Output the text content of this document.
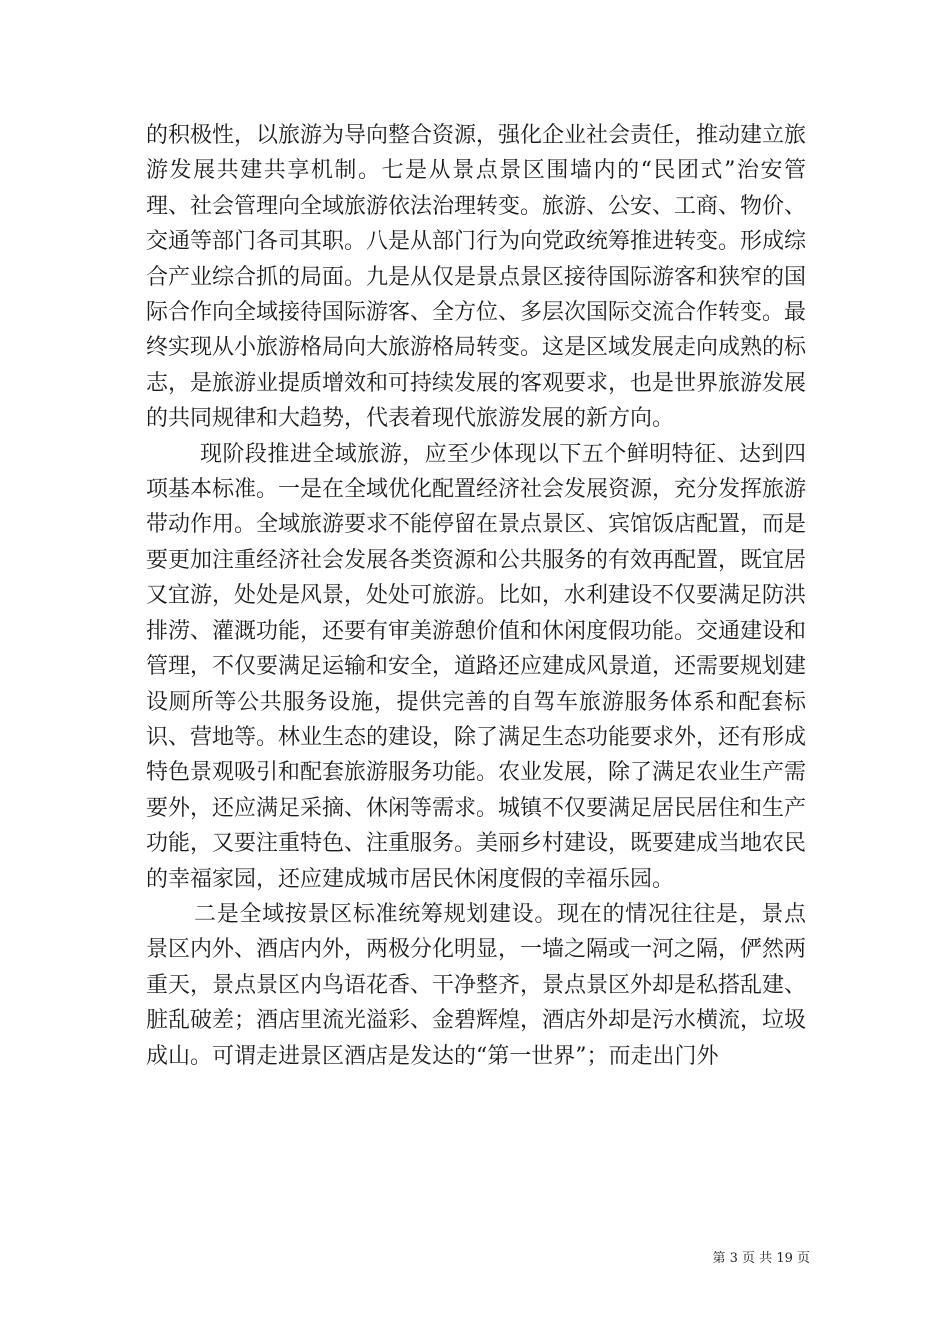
的积极性，以旅游为导向整合资源，强化企业社会责任，推动建立旅游发展共建共享机制。七是从景点景区围墙内的“民团式”治安管理、社会管理向全域旅游依法治理转变。旅游、公安、工商、物价、交通等部门各司其职。八是从部门行为向党政统筹推进转变。形成综合产业综合抓的局面。九是从仅是景点景区接待国际游客和狭窄的国际合作向全域接待国际游客、全方位、多层次国际交流合作转变。最终实现从小旅游格局向大旅游格局转变。这是区域发展走向成熟的标志，是旅游业提质增效和可持续发展的客观要求，也是世界旅游发展的共同规律和大趋势，代表着现代旅游发展的新方向。

现阶段推进全域旅游，应至少体现以下五个鲜明特征、达到四项基本标准。一是在全域优化配置经济社会发展资源，充分发挥旅游带动作用。全域旅游要求不能停留在景点景区、宾馆饭店配置，而是要更加注重经济社会发展各类资源和公共服务的有效再配置，既宜居又宜游，处处是风景，处处可旅游。比如，水利建设不仅要满足防洪排涝、灌溉功能，还要有审美游憩价值和休闲度假功能。交通建设和管理，不仅要满足运输和安全，道路还应建成风景道，还需要规划建设厕所等公共服务设施，提供完善的自驾车旅游服务体系和配套标识、营地等。林业生态的建设，除了满足生态功能要求外，还有形成特色景观吸引和配套旅游服务功能。农业发展，除了满足农业生产需要外，还应满足采摘、休闲等需求。城镇不仅要满足居民居住和生产功能，又要注重特色、注重服务。美丽乡村建设，既要建成当地农民的幸福家园，还应建成城市居民休闲度假的幸福乐园。

二是全域按景区标准统筹规划建设。现在的情况往往是，景点景区内外、酒店内外，两极分化明显，一墙之隔或一河之隔，俨然两重天，景点景区内鸟语花香、干净整齐，景点景区外却是私搭乱建、脏乱破差；酒店里流光溢彩、金碧辉煌，酒店外却是污水横流，垃圾成山。可谓走进景区酒店是发达的“第一世界”；而走出门外

第 3 页 共 19 页
